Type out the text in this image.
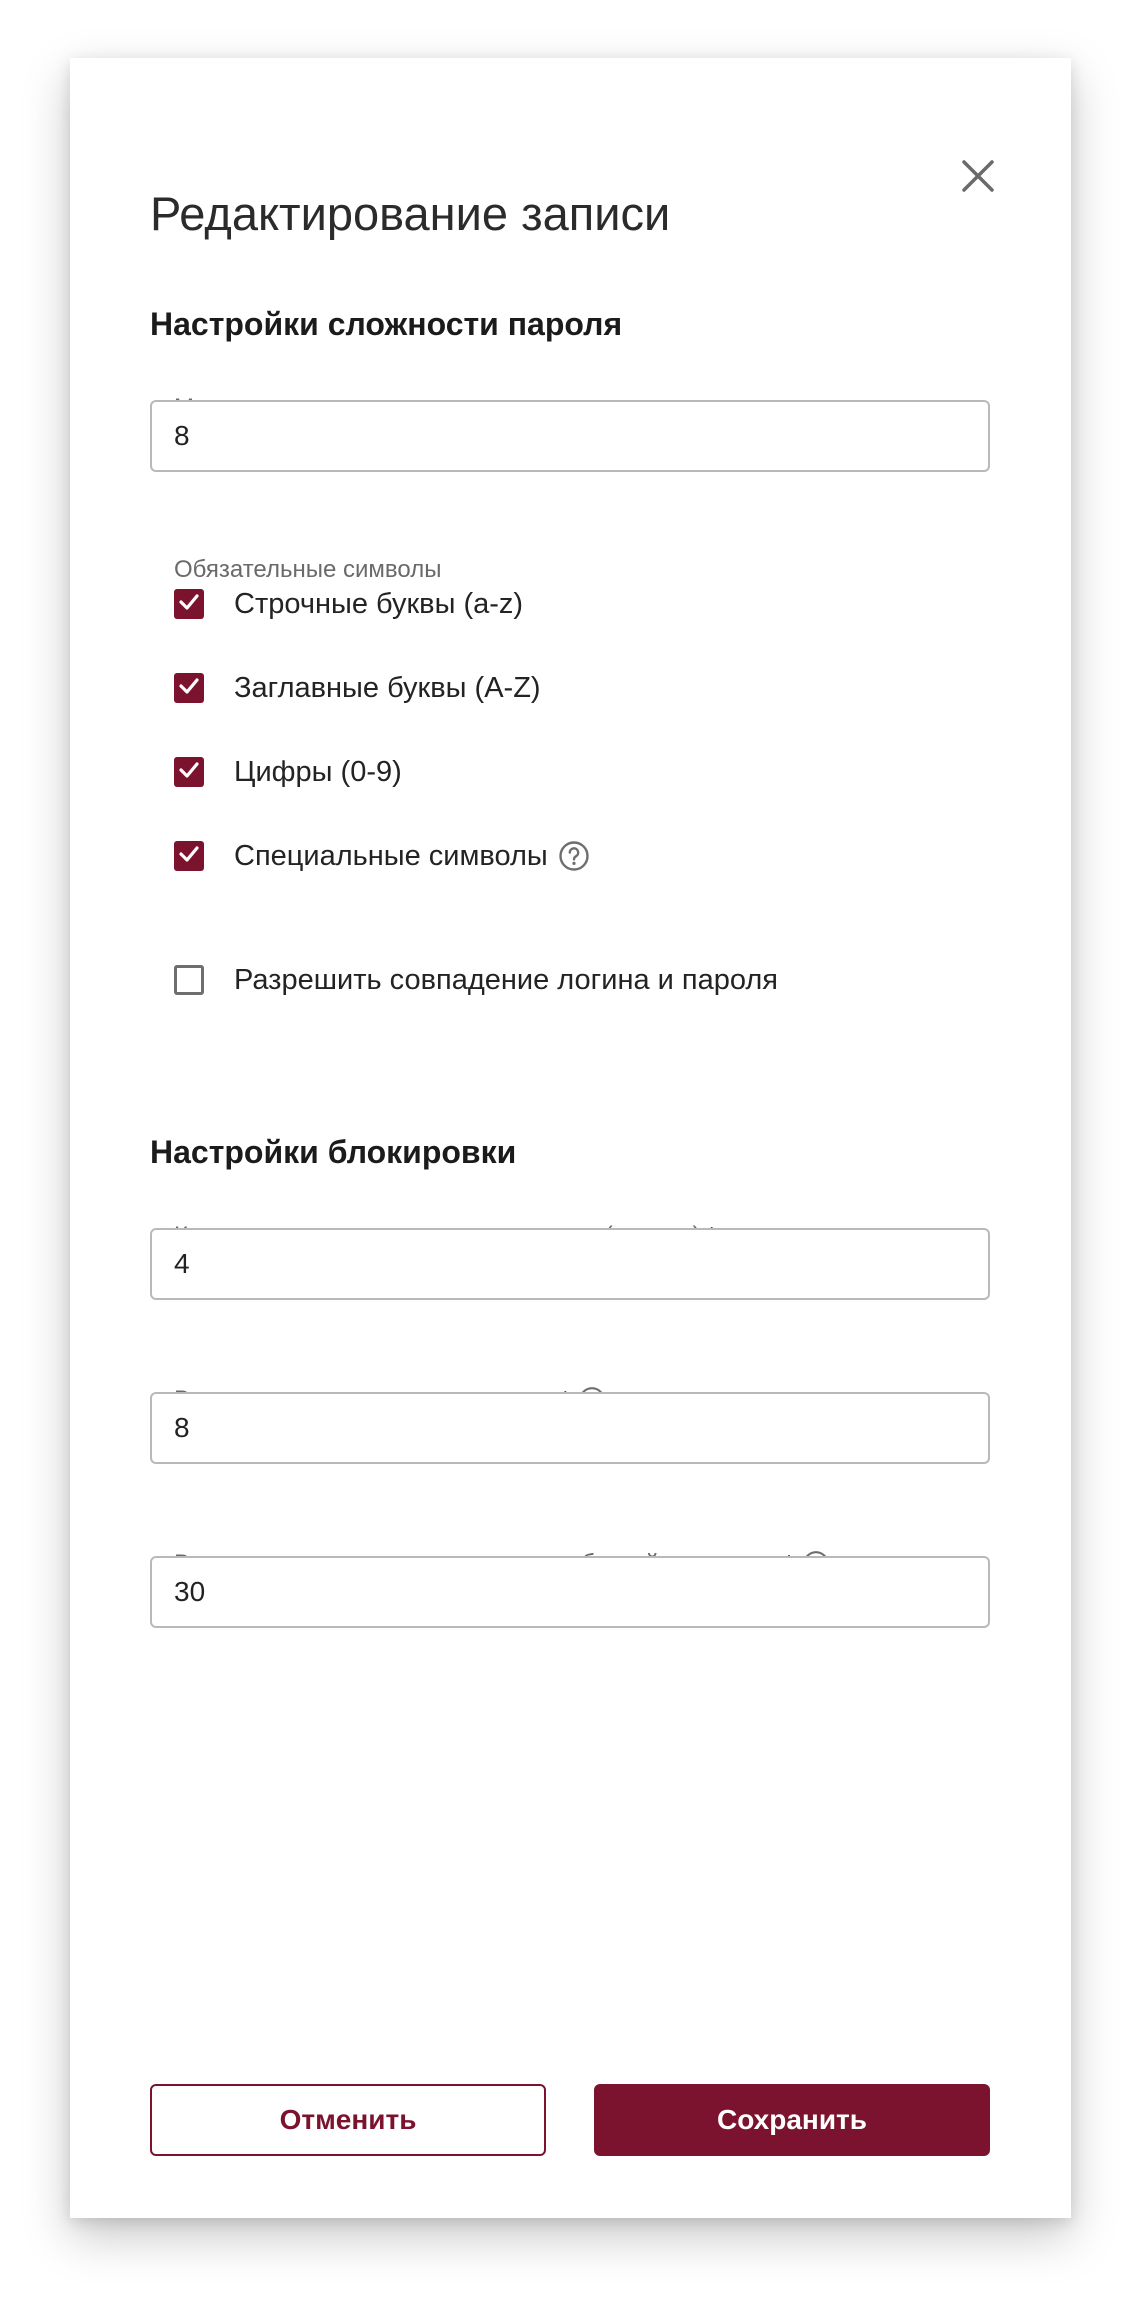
Редактирование записи
Настройки сложности пароля
8
Обязательные символы
Строчные буквы (a-z)
Заглавные буквы (A-Z)
Цифры (0-9)
Специальные символы
Разрешить совпадение логина и пароля
Настройки блокировки
4
8
30
Отменить	Сохранить
